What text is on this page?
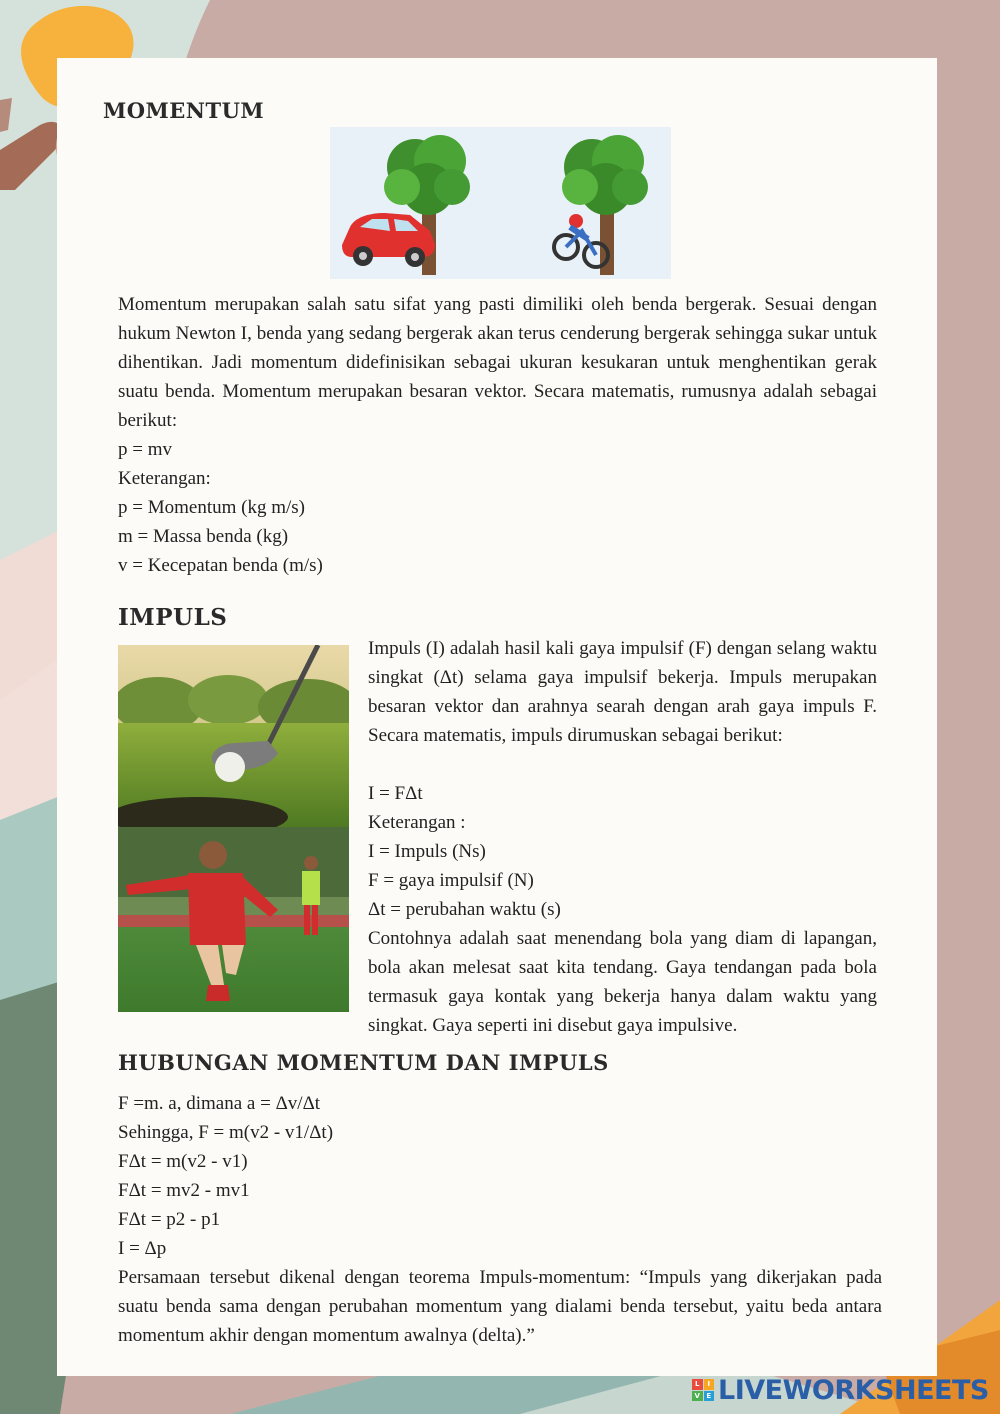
MOMENTUM

Momentum merupakan salah satu sifat yang pasti dimiliki oleh benda bergerak. Sesuai dengan hukum Newton I, benda yang sedang bergerak akan terus cenderung bergerak sehingga sukar untuk dihentikan. Jadi momentum didefinisikan sebagai ukuran kesukaran untuk menghentikan gerak suatu benda. Momentum merupakan besaran vektor. Secara matematis, rumusnya adalah sebagai berikut:

p = mv
Keterangan:
p = Momentum (kg m/s)
m = Massa benda (kg)
v = Kecepatan benda (m/s)
IMPULS

Impuls (I) adalah hasil kali gaya impulsif (F) dengan selang waktu singkat (Δt) selama gaya impulsif bekerja. Impuls merupakan besaran vektor dan arahnya searah dengan arah gaya impuls F. Secara matematis, impuls dirumuskan sebagai berikut:

I = FΔt
Keterangan :
I = Impuls (Ns)
F = gaya impulsif (N)
Δt = perubahan waktu (s)

Contohnya adalah saat menendang bola yang diam di lapangan, bola akan melesat saat kita tendang. Gaya tendangan pada bola termasuk gaya kontak yang bekerja hanya dalam waktu yang singkat. Gaya seperti ini disebut gaya impulsive.

HUBUNGAN MOMENTUM DAN IMPULS
F =m. a, dimana a = Δv/Δt
Sehingga, F = m(v2 - v1/Δt)
FΔt = m(v2 - v1)
FΔt = mv2 - mv1
FΔt = p2 - p1
I = Δp

Persamaan tersebut dikenal dengan teorema Impuls-momentum: “Impuls yang dikerjakan pada suatu benda sama dengan perubahan momentum yang dialami benda tersebut, yaitu beda antara momentum akhir dengan momentum awalnya (delta).”

L	I
V E LIVEWORKSHEETS
